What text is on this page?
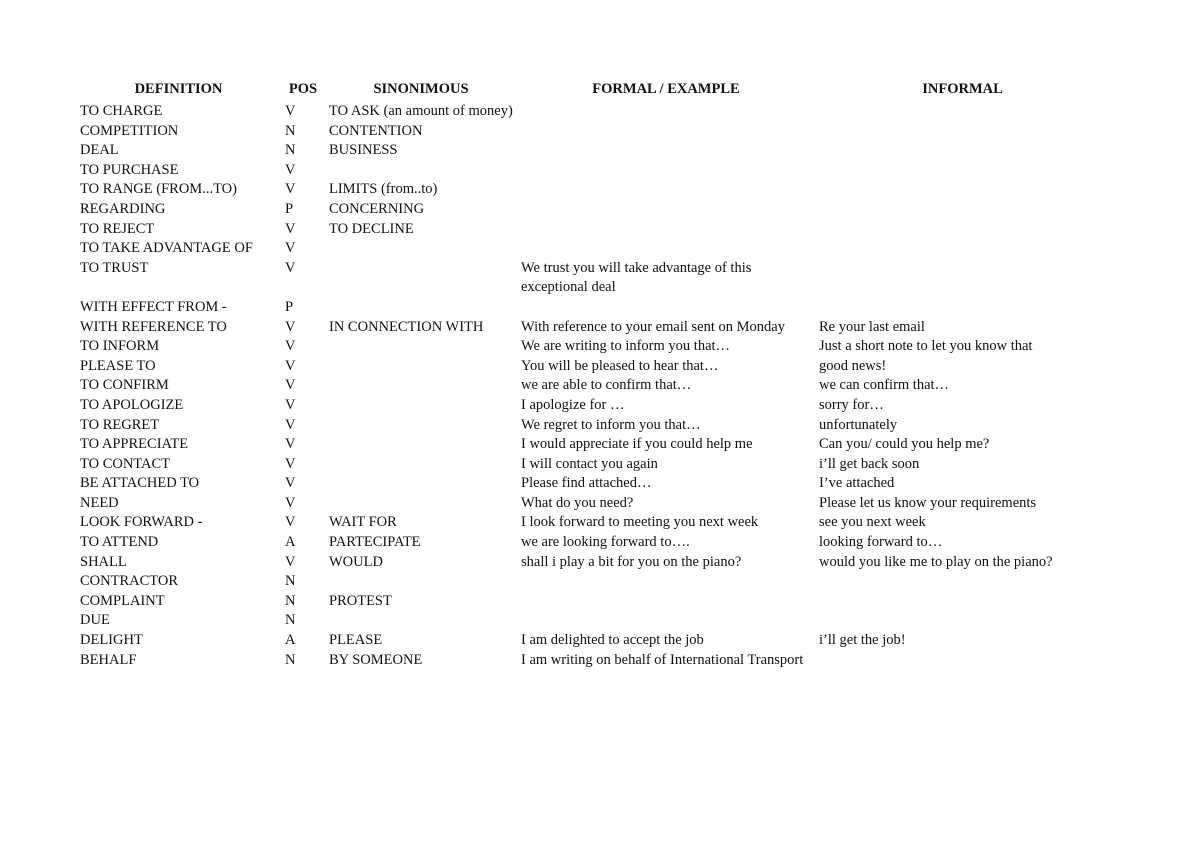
DEFINITION	POS	SINONIMOUS	FORMAL / EXAMPLE	INFORMAL
TO CHARGE	V	TO ASK (an amount of money)		
COMPETITION	N	CONTENTION		
DEAL	N	BUSINESS		
TO PURCHASE	V			
TO RANGE (FROM...TO)	V	LIMITS (from..to)		
REGARDING	P	CONCERNING		
TO REJECT	V	TO DECLINE		
TO TAKE ADVANTAGE OF	V			
TO TRUST	V		We trust you will take advantage of this exceptional deal	
WITH EFFECT FROM -	P			
WITH REFERENCE TO	V	IN CONNECTION WITH	With reference to your email sent on Monday	Re your last email
TO INFORM	V		We are writing to inform you that…	Just a short note to let you know that
PLEASE TO	V		You will be pleased to hear that…	good news!
TO CONFIRM	V		we are able to confirm that…	we can confirm that…
TO APOLOGIZE	V		I apologize for …	sorry for…
TO REGRET	V		We regret to inform you that…	unfortunately
TO APPRECIATE	V		I would appreciate if you could help me	Can you/ could you help me?
TO CONTACT	V		I will contact you again	i’ll get back soon
BE ATTACHED TO	V		Please find attached…	I’ve attached
NEED	V		What do you need?	Please let us know your requirements
LOOK FORWARD -	V	WAIT FOR	I look forward to meeting you next week	see you next week
TO ATTEND	A	PARTECIPATE	we are looking forward to….	looking forward to…
SHALL	V	WOULD	shall i play a bit for you on the piano?	would you like me to play on the piano?
CONTRACTOR	N			
COMPLAINT	N	PROTEST		
DUE	N			
DELIGHT	A	PLEASE	I am delighted to accept the job	i’ll get the job!
BEHALF	N	BY SOMEONE	I am writing on behalf of International Transport	
